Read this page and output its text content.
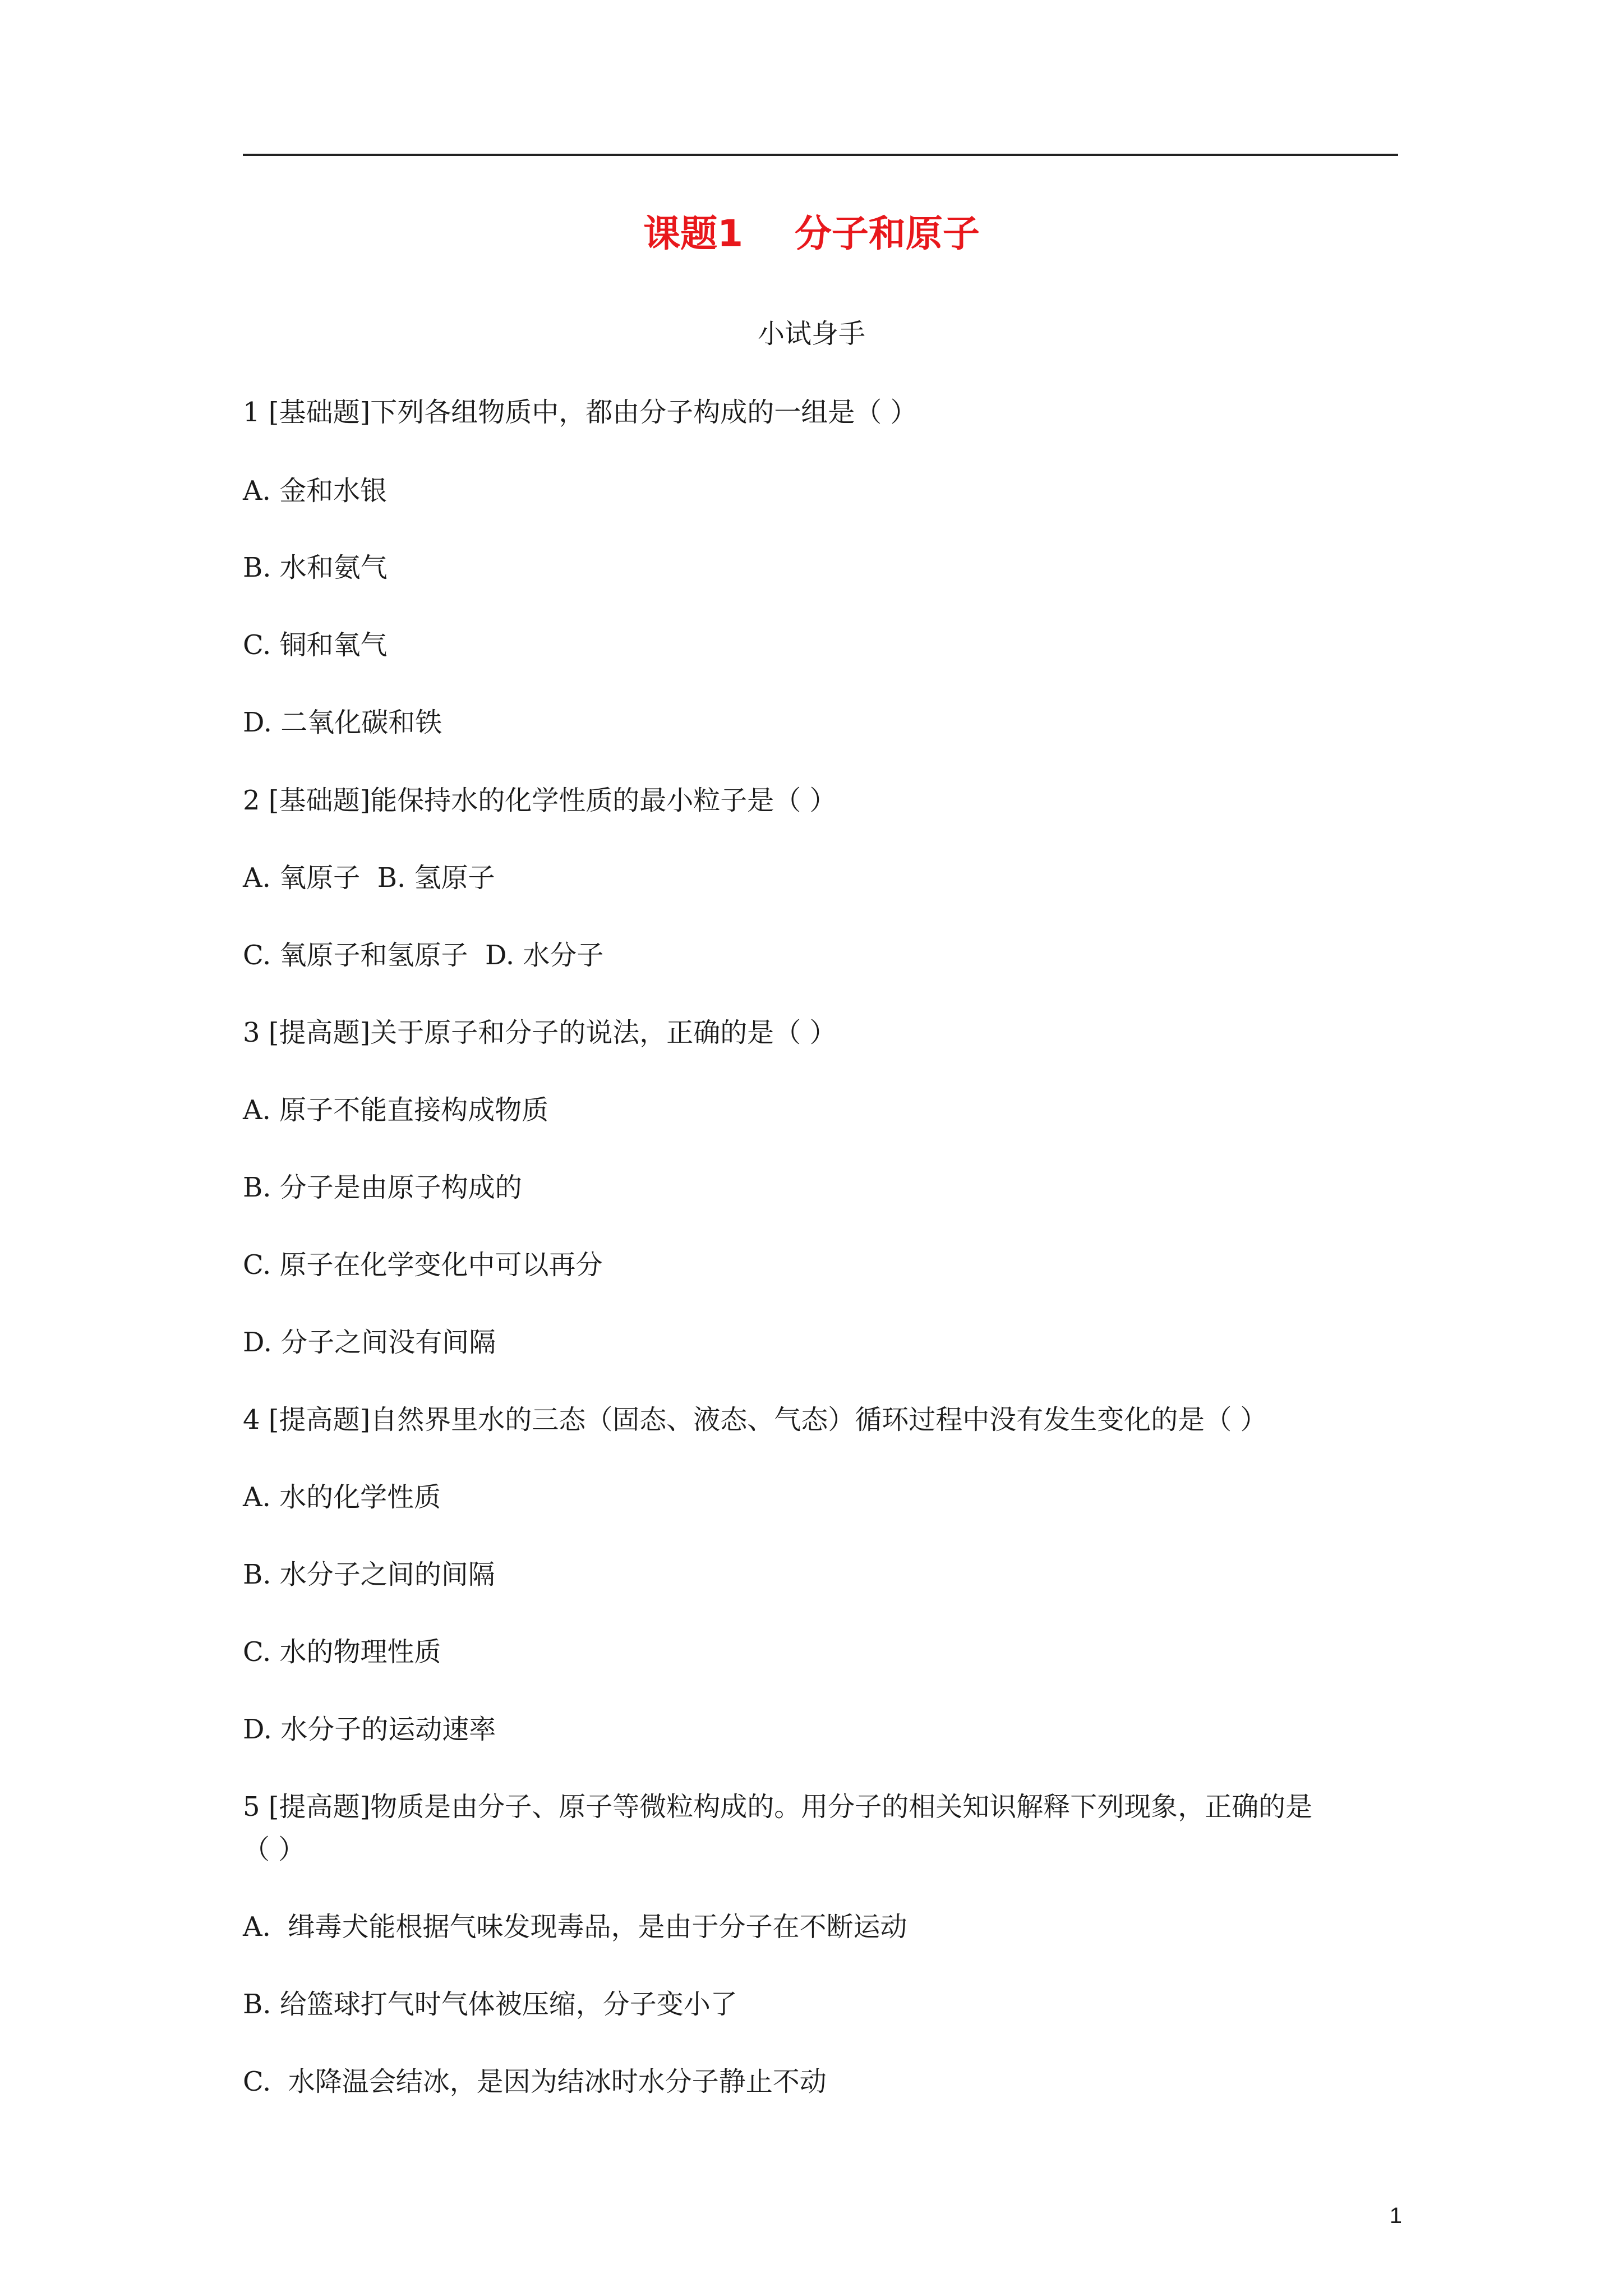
课题1    分子和原子
小试身手
1 [基础题]下列各组物质中，都由分子构成的一组是（ ）
A. 金和水银
B. 水和氨气
C. 铜和氧气
D. 二氧化碳和铁
2 [基础题]能保持水的化学性质的最小粒子是（ ）
A. 氧原子  B. 氢原子
C. 氧原子和氢原子  D. 水分子
3 [提高题]关于原子和分子的说法，正确的是（ ）
A. 原子不能直接构成物质
B. 分子是由原子构成的
C. 原子在化学变化中可以再分
D. 分子之间没有间隔
4 [提高题]自然界里水的三态（固态、液态、气态）循环过程中没有发生变化的是（ ）
A. 水的化学性质
B. 水分子之间的间隔
C. 水的物理性质
D. 水分子的运动速率
5 [提高题]物质是由分子、原子等微粒构成的。用分子的相关知识解释下列现象，正确的是
（ ）
A.  缉毒犬能根据气味发现毒品，是由于分子在不断运动
B. 给篮球打气时气体被压缩，分子变小了
C.  水降温会结冰，是因为结冰时水分子静止不动
1
